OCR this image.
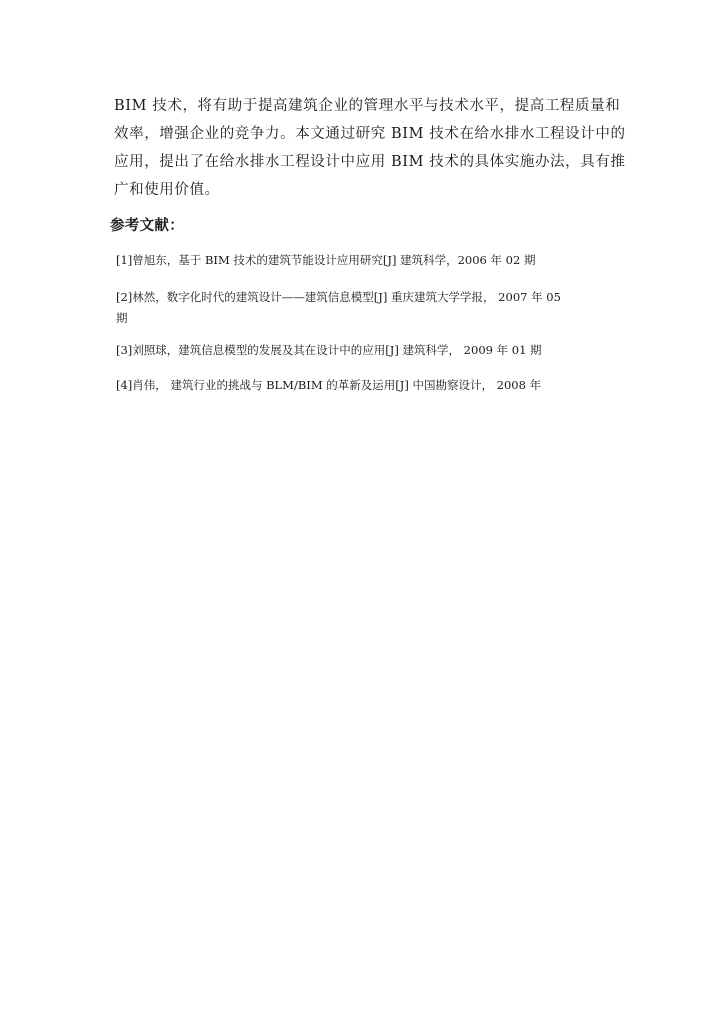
BIM 技术，将有助于提高建筑企业的管理水平与技术水平，提高工程质量和
效率，增强企业的竞争力。本文通过研究 BIM 技术在给水排水工程设计中的
应用，提出了在给水排水工程设计中应用 BIM 技术的具体实施办法，具有推
广和使用价值。

参考文献：
[1]曾旭东，基于 BIM 技术的建筑节能设计应用研究[J] 建筑科学，2006 年 02 期
[2]林然，数字化时代的建筑设计——建筑信息模型[J] 重庆建筑大学学报， 2007 年 05
期
[3]刘照球，建筑信息模型的发展及其在设计中的应用[J] 建筑科学， 2009 年 01 期
[4]肖伟， 建筑行业的挑战与 BLM/BIM 的革新及运用[J] 中国勘察设计， 2008 年
